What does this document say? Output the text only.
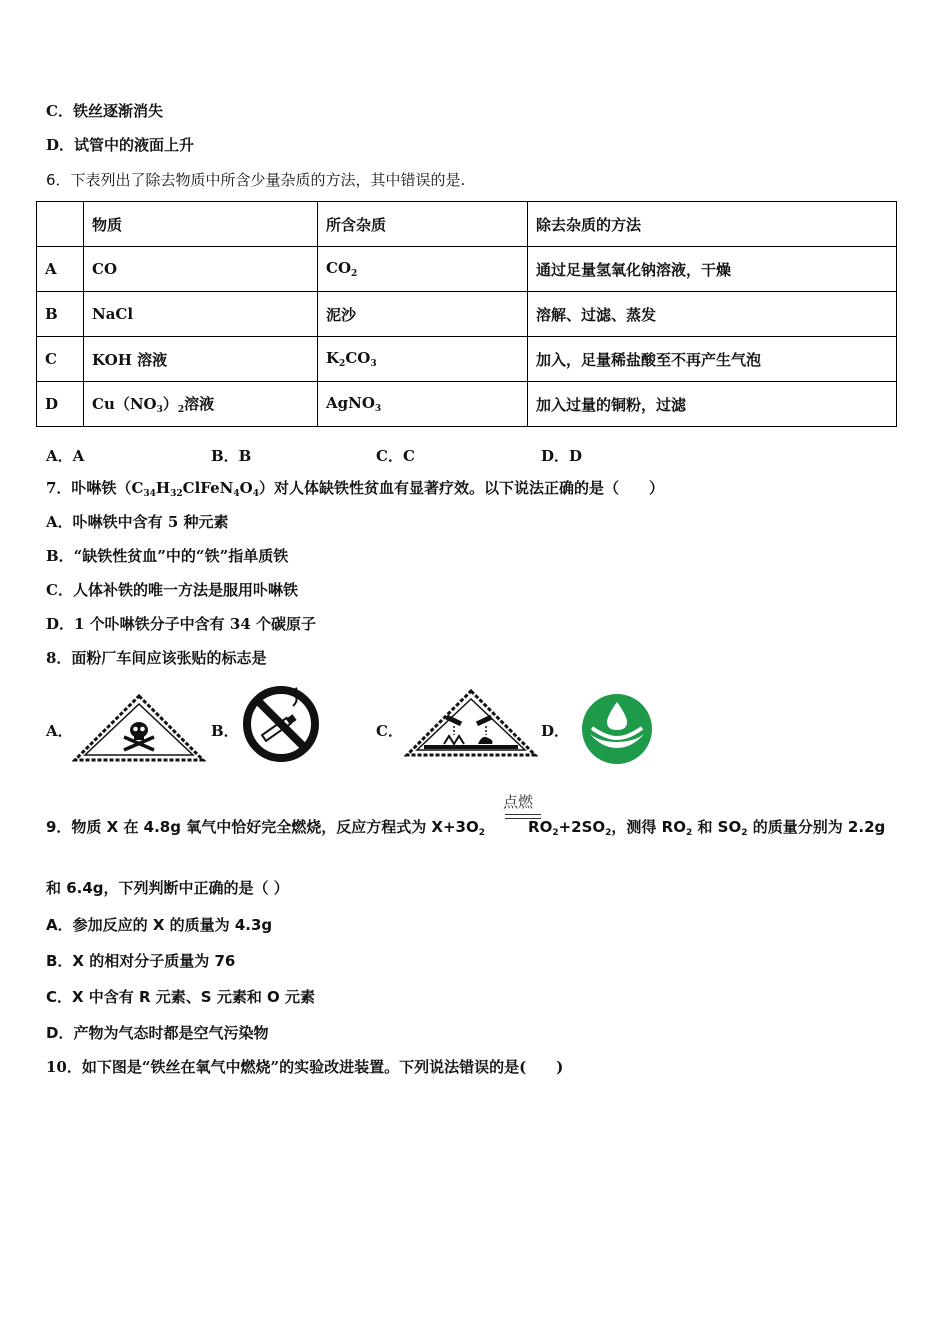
C．铁丝逐渐消失
D．试管中的液面上升
6．下表列出了除去物质中所含少量杂质的方法，其中错误的是.
	物质	所含杂质	除去杂质的方法
A	CO	$CO_2$	通过足量氢氧化钠溶液，干燥
B	NaCl	泥沙	溶解、过滤、蒸发
C	KOH 溶液	$K_2CO_3$	加入，足量稀盐酸至不再产生气泡
D	$Cu(NO_3)_2$溶液	AgNO$_3$	加入过量的铜粉，过滤
A．A	B．B	C．C	D．D
7．卟啉铁$(C_{34}H_{32}ClFeN_4O_4)$对人体缺铁性贫血有显著疗效。以下说法正确的是（　　）
A．卟啉铁中含有 5 种元素
B．“缺铁性贫血”中的“铁”指单质铁
C．人体补铁的唯一方法是服用卟啉铁
D．1 个卟啉铁分子中含有 34 个碳原子
8．面粉厂车间应该张贴的标志是
A．	B．	C．	D．
点燃
9．物质 X 在 4.8g 氧气中恰好完全燃烧，反应方程式为 $X+3O_2$	$RO_2+2SO_2$，测得 $RO_2$ 和 $SO_2$ 的质量分别为 2.2g
和 6.4g，下列判断中正确的是（ ）
A．参加反应的 X 的质量为 4.3g
B．X 的相对分子质量为 76
C．X 中含有 R 元素、S 元素和 O 元素
D．产物为气态时都是空气污染物
10．如下图是“铁丝在氧气中燃烧”的实验改进装置。下列说法错误的是(　　)
